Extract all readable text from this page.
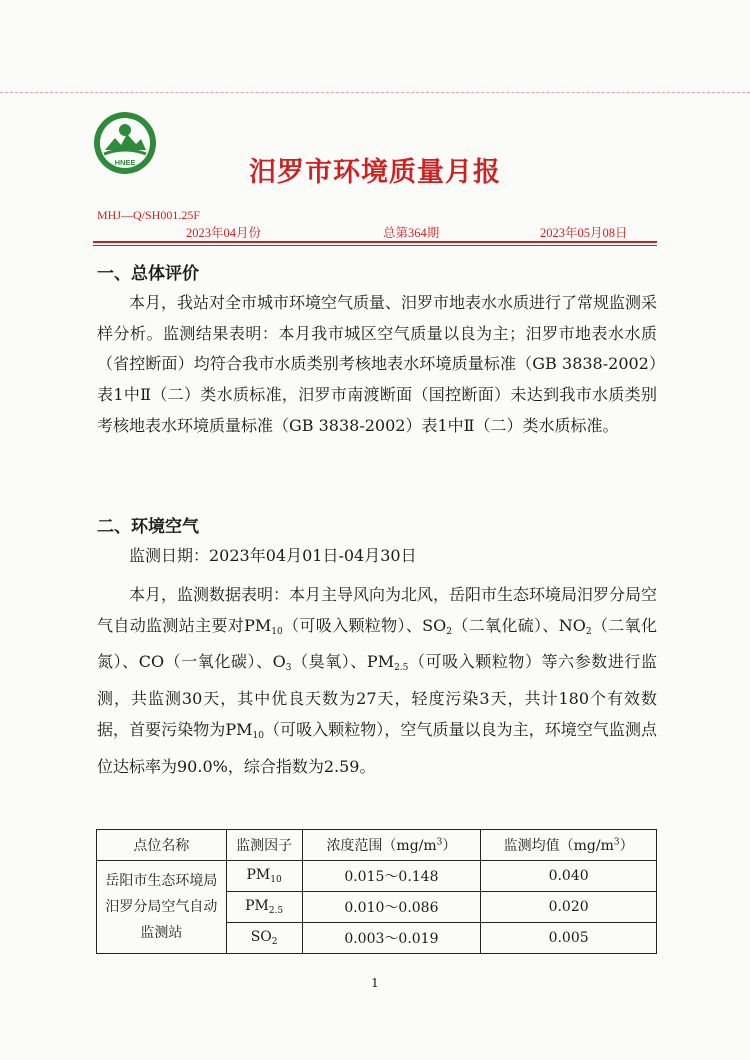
HNEE	汨罗市环境质量月报
MHJ—Q/SH001.25F
2023年04月份	总第364期	2023年05月08日
一、总体评价
本月，我站对全市城市环境空气质量、汨罗市地表水水质进行了常规监测采样分析。监测结果表明：本月我市城区空气质量以良为主；汨罗市地表水水质（省控断面）均符合我市水质类别考核地表水环境质量标准（GB 3838-2002）表1中Ⅱ（二）类水质标准，汨罗市南渡断面（国控断面）未达到我市水质类别考核地表水环境质量标准（GB 3838-2002）表1中Ⅱ（二）类水质标准。
二、环境空气
监测日期：2023年04月01日-04月30日
本月，监测数据表明：本月主导风向为北风，岳阳市生态环境局汨罗分局空气自动监测站主要对$PM_{10}$（可吸入颗粒物）、$SO_2$（二氧化硫）、$NO_2$（二氧化氮）、CO（一氧化碳）、$O_3$（臭氧）、$PM_{2.5}$（可吸入颗粒物）等六参数进行监测，共监测30天，其中优良天数为27天，轻度污染3天，共计180个有效数据，首要污染物为$PM_{10}$（可吸入颗粒物），空气质量以良为主，环境空气监测点位达标率为90.0%，综合指数为2.59。
点位名称	监测因子	浓度范围$(mg/m^3)$	监测均值$(mg/m^3)$
岳阳市生态环境局汨罗分局空气自动监测站	$PM_{10}$	0.015～0.148	0.040
	$PM_{2.5}$	0.010～0.086	0.020
	$SO_2$	0.003～0.019	0.005
1
